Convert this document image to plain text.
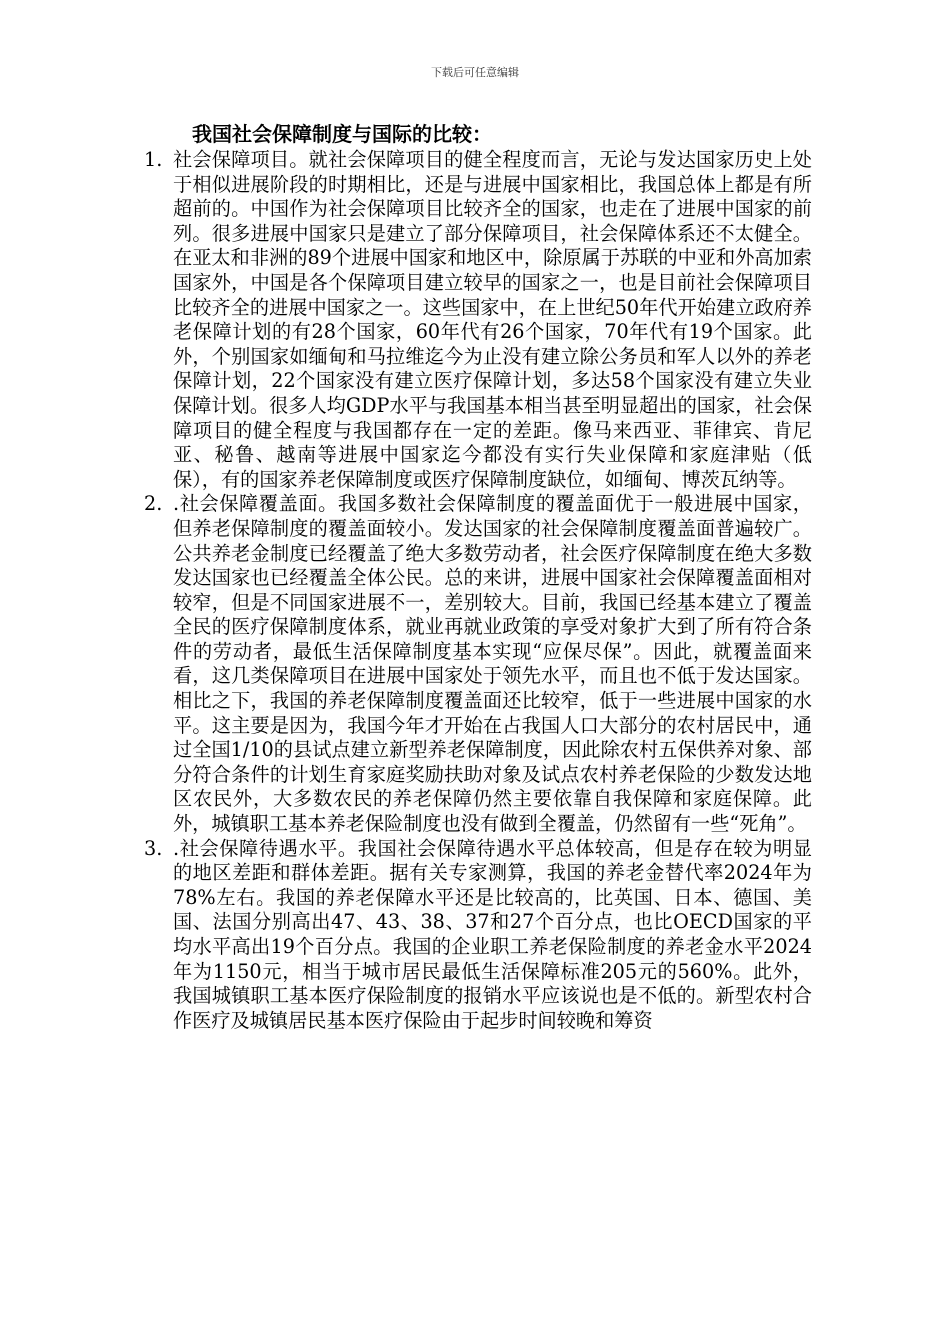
下载后可任意编辑
我国社会保障制度与国际的比较：
1. 社会保障项目。就社会保障项目的健全程度而言，无论与发达国家历史上处于相似进展阶段的时期相比，还是与进展中国家相比，我国总体上都是有所超前的。中国作为社会保障项目比较齐全的国家，也走在了进展中国家的前列。很多进展中国家只是建立了部分保障项目，社会保障体系还不太健全。在亚太和非洲的89个进展中国家和地区中，除原属于苏联的中亚和外高加索国家外，中国是各个保障项目建立较早的国家之一，也是目前社会保障项目比较齐全的进展中国家之一。这些国家中，在上世纪50年代开始建立政府养老保障计划的有28个国家，60年代有26个国家，70年代有19个国家。此外，个别国家如缅甸和马拉维迄今为止没有建立除公务员和军人以外的养老保障计划，22个国家没有建立医疗保障计划，多达58个国家没有建立失业保障计划。很多人均GDP水平与我国基本相当甚至明显超出的国家，社会保障项目的健全程度与我国都存在一定的差距。像马来西亚、菲律宾、肯尼亚、秘鲁、越南等进展中国家迄今都没有实行失业保障和家庭津贴（低保），有的国家养老保障制度或医疗保障制度缺位，如缅甸、博茨瓦纳等。
2. .社会保障覆盖面。我国多数社会保障制度的覆盖面优于一般进展中国家，但养老保障制度的覆盖面较小。发达国家的社会保障制度覆盖面普遍较广。公共养老金制度已经覆盖了绝大多数劳动者，社会医疗保障制度在绝大多数发达国家也已经覆盖全体公民。总的来讲，进展中国家社会保障覆盖面相对较窄，但是不同国家进展不一，差别较大。目前，我国已经基本建立了覆盖全民的医疗保障制度体系，就业再就业政策的享受对象扩大到了所有符合条件的劳动者，最低生活保障制度基本实现“应保尽保”。因此，就覆盖面来看，这几类保障项目在进展中国家处于领先水平，而且也不低于发达国家。相比之下，我国的养老保障制度覆盖面还比较窄，低于一些进展中国家的水平。这主要是因为，我国今年才开始在占我国人口大部分的农村居民中，通过全国1/10的县试点建立新型养老保障制度，因此除农村五保供养对象、部分符合条件的计划生育家庭奖励扶助对象及试点农村养老保险的少数发达地区农民外，大多数农民的养老保障仍然主要依靠自我保障和家庭保障。此外，城镇职工基本养老保险制度也没有做到全覆盖，仍然留有一些“死角”。
3. .社会保障待遇水平。我国社会保障待遇水平总体较高，但是存在较为明显的地区差距和群体差距。据有关专家测算，我国的养老金替代率2024年为78%左右。我国的养老保障水平还是比较高的，比英国、日本、德国、美国、法国分别高出47、43、38、37和27个百分点，也比OECD国家的平均水平高出19个百分点。我国的企业职工养老保险制度的养老金水平2024年为1150元，相当于城市居民最低生活保障标准205元的560%。此外，我国城镇职工基本医疗保险制度的报销水平应该说也是不低的。新型农村合作医疗及城镇居民基本医疗保险由于起步时间较晚和筹资
